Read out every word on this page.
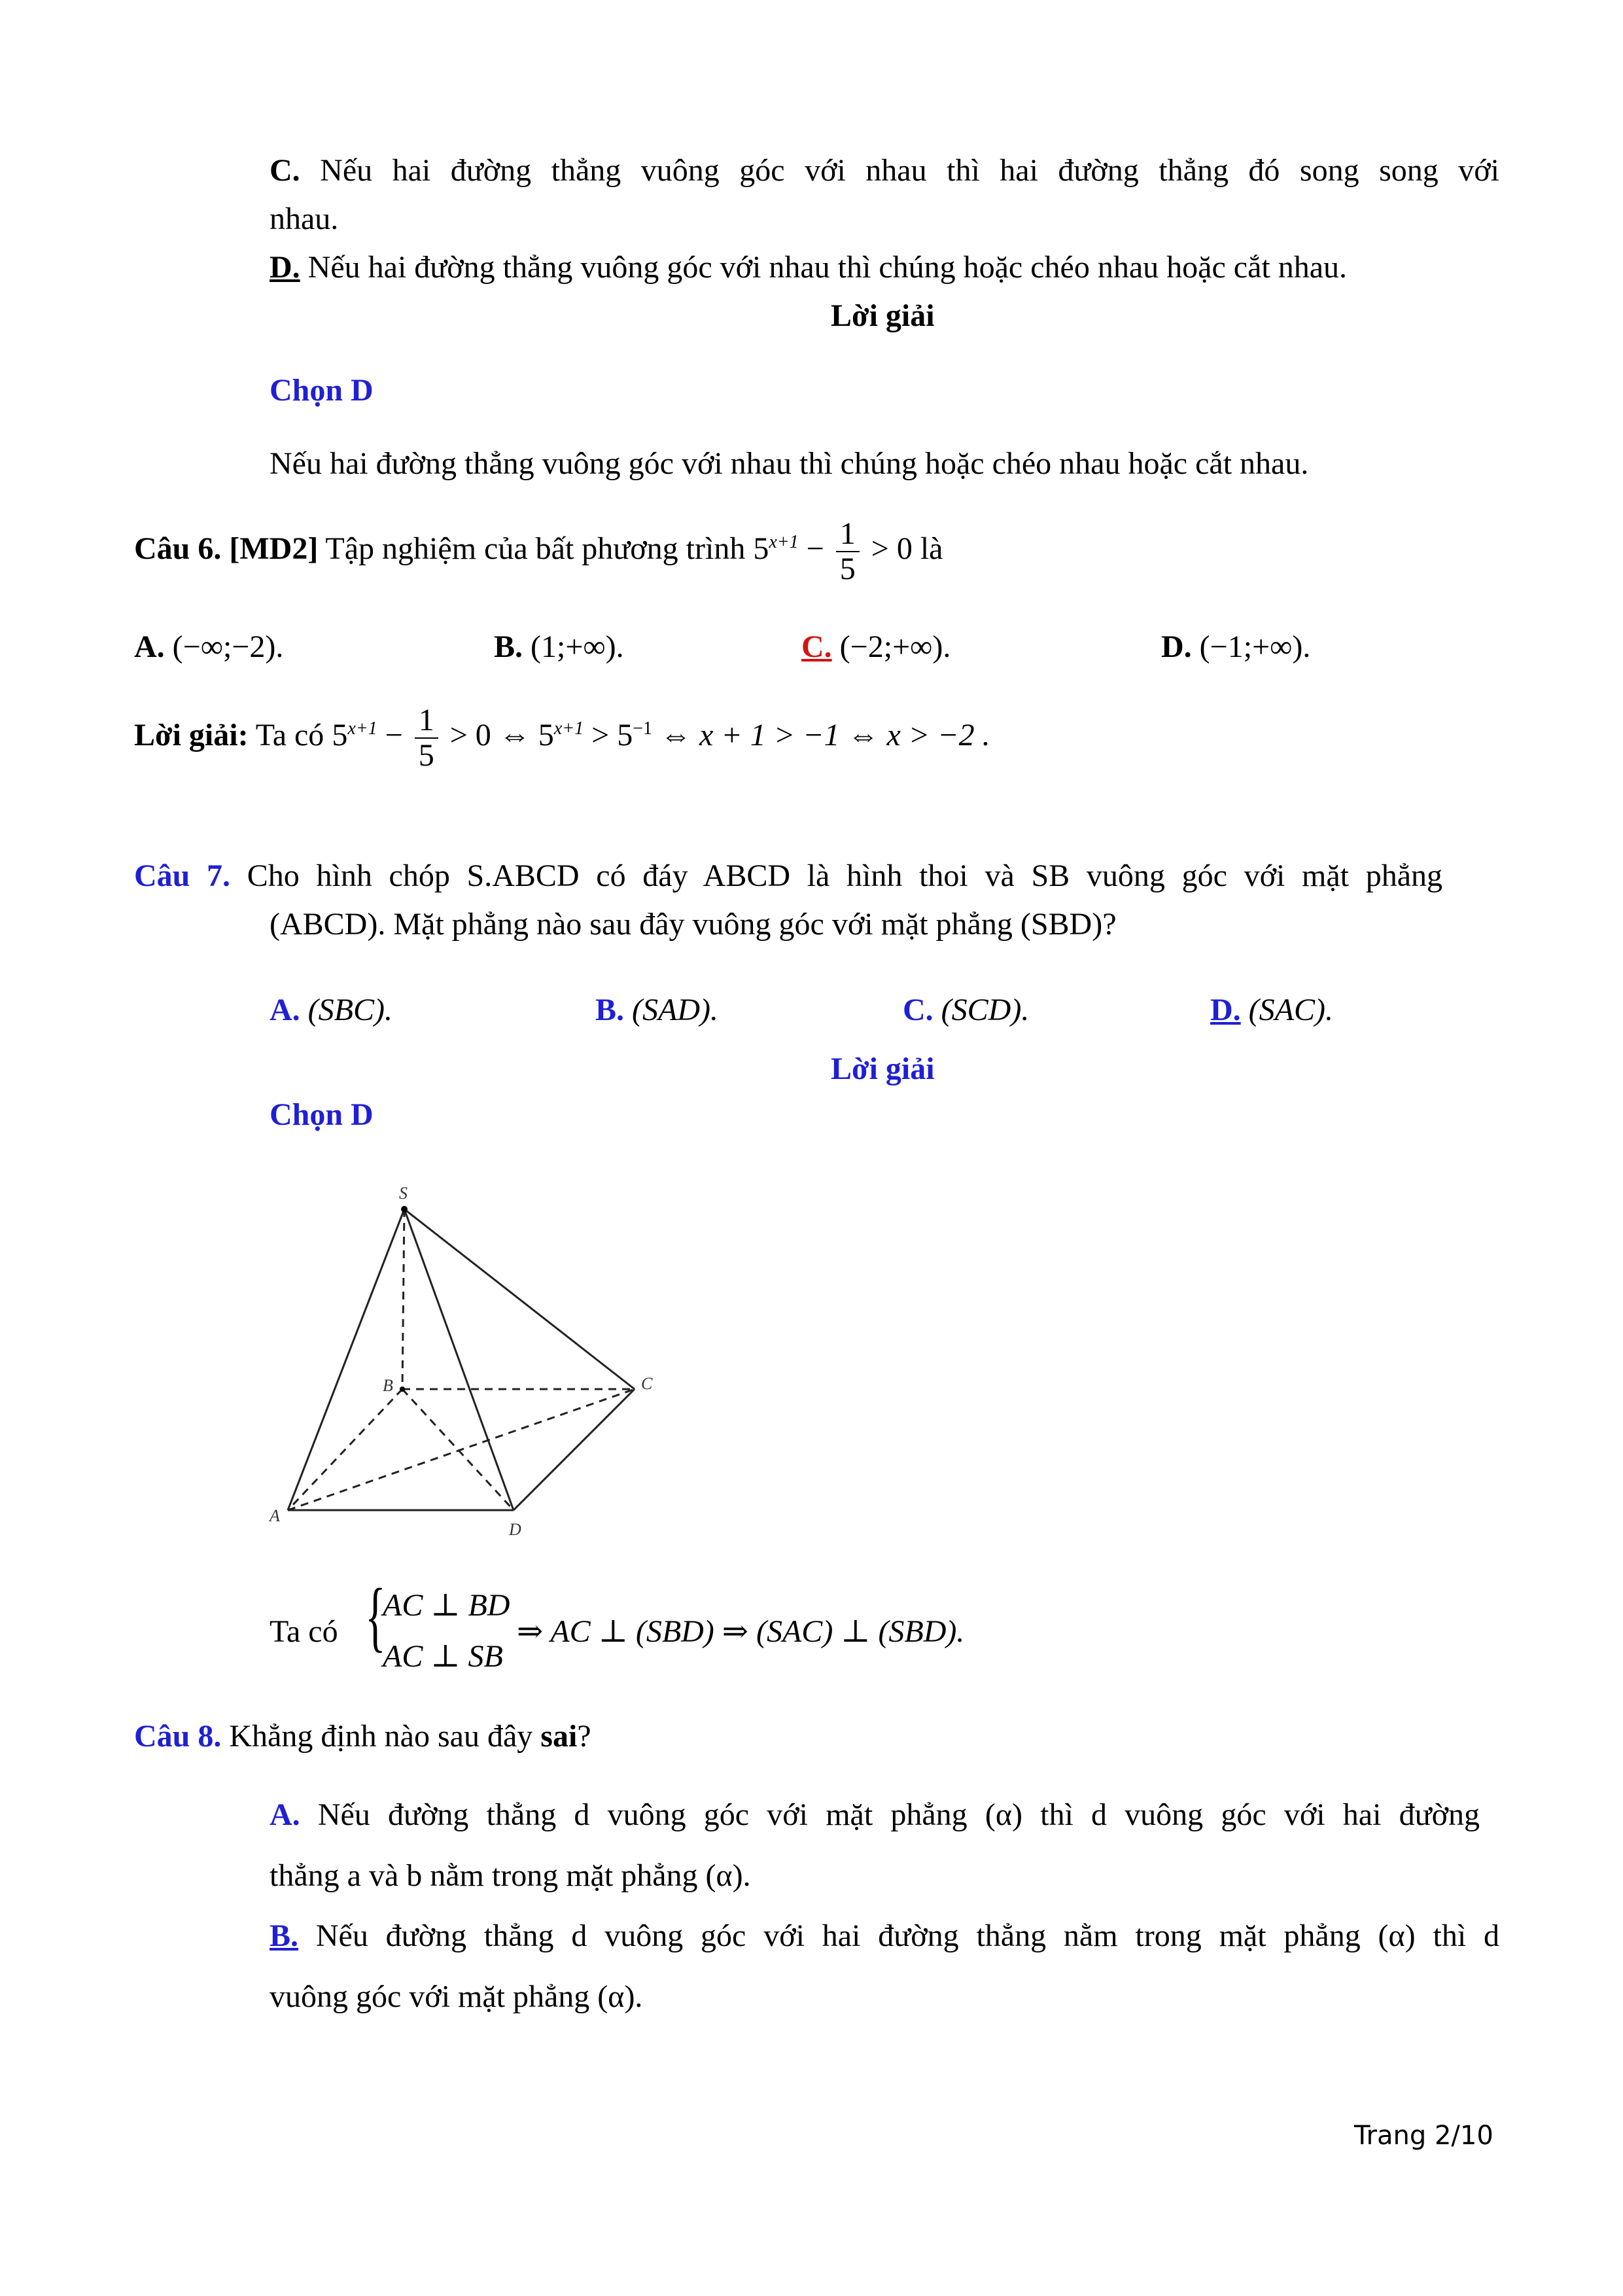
C. Nếu hai đường thẳng vuông góc với nhau thì hai đường thẳng đó song song với
nhau.
D. Nếu hai đường thẳng vuông góc với nhau thì chúng hoặc chéo nhau hoặc cắt nhau.
Lời giải
Chọn D
Nếu hai đường thẳng vuông góc với nhau thì chúng hoặc chéo nhau hoặc cắt nhau.
Câu 6. [MD2] Tập nghiệm của bất phương trình $5^{x+1} - \frac{1}{5} > 0$ là
A. (−∞;−2).	B. (1;+∞).	C. (−2;+∞).	D. (−1;+∞).
Lời giải: Ta có $5^{x+1} - \frac{1}{5} > 0$ ⇔ $5^{x+1} > 5^{-1}$ ⇔ x + 1 > −1 ⇔ x > −2 .
Câu 7. Cho hình chóp S.ABCD có đáy ABCD là hình thoi và SB vuông góc với mặt phẳng
(ABCD). Mặt phẳng nào sau đây vuông góc với mặt phẳng (SBD)?
A. (SBC).	B. (SAD).	C. (SCD).	D. (SAC).
Lời giải
Chọn D
S
B	C
A
D
Ta có {
AC ⊥ BD
AC ⊥ SB
⇒ AC ⊥ (SBD) ⇒ (SAC) ⊥ (SBD).
Câu 8. Khẳng định nào sau đây sai?
A. Nếu đường thẳng d vuông góc với mặt phẳng (α) thì d vuông góc với hai đường
thẳng a và b nằm trong mặt phẳng (α).
B. Nếu đường thẳng d vuông góc với hai đường thẳng nằm trong mặt phẳng (α) thì d
vuông góc với mặt phẳng (α).
Trang 2/10
